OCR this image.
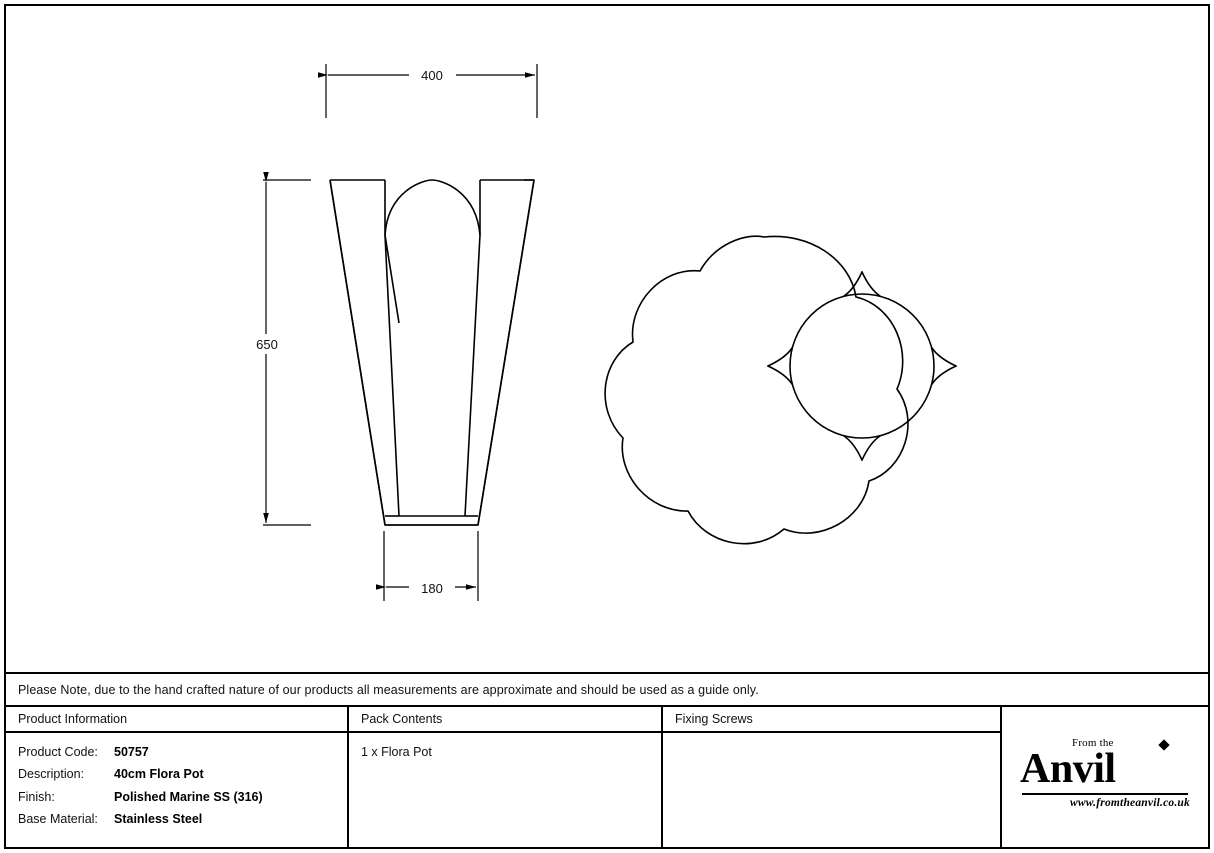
400
650
180
Please Note, due to the hand crafted nature of our products all measurements are approximate and should be used as a guide only.
Product Information
Product Code:	50757
Description:	40cm Flora Pot
Finish:	Polished Marine SS (316)
Base Material:	Stainless Steel
Pack Contents
1 x Flora Pot
Fixing Screws
From the
Anvil
www.fromtheanvil.co.uk
